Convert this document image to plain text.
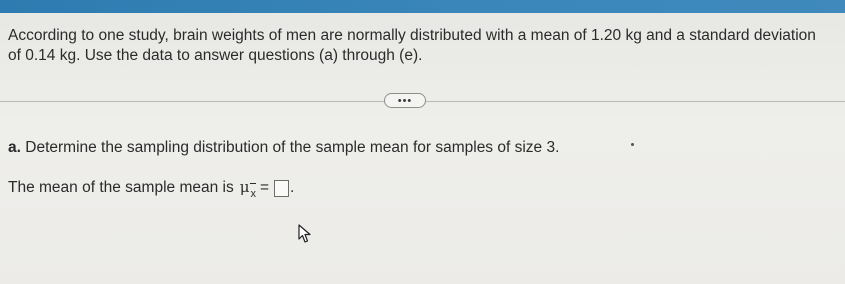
According to one study, brain weights of men are normally distributed with a mean of 1.20 kg and a standard deviation
of 0.14 kg. Use the data to answer questions (a) through (e).
•••

a. Determine the sampling distribution of the sample mean for samples of size 3.

The mean of the sample mean is μ x = .
